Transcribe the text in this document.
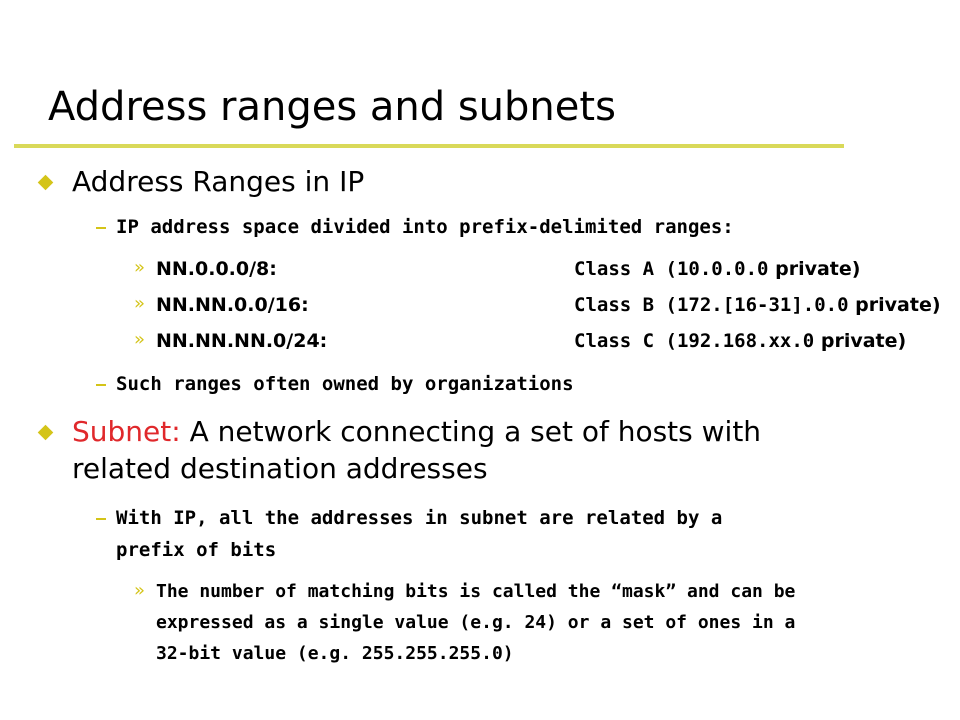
Address ranges and subnets
Address Ranges in IP
IP address space divided into prefix-delimited ranges:
» NN.0.0.0/8:	Class A (10.0.0.0 private)
» NN.NN.0.0/16:	Class B (172.[16-31].0.0 private)
» NN.NN.NN.0/24:	Class C (192.168.xx.0 private)
Such ranges often owned by organizations
Subnet: A network connecting a set of hosts with
related destination addresses
With IP, all the addresses in subnet are related by a
prefix of bits
» The number of matching bits is called the “mask” and can be
expressed as a single value (e.g. 24) or a set of ones in a
32-bit value (e.g. 255.255.255.0)
